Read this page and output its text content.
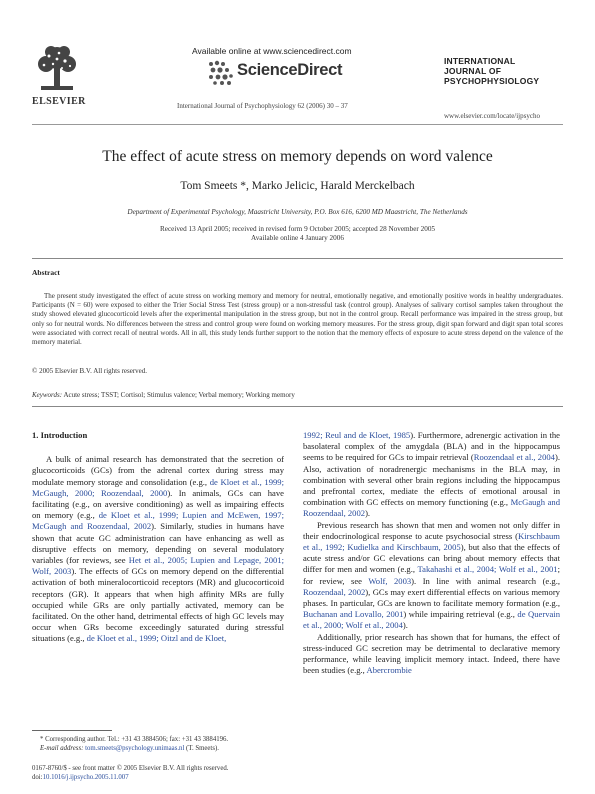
ELSEVIER
Available online at www.sciencedirect.com
ScienceDirect
International Journal of Psychophysiology 62 (2006) 30 – 37
INTERNATIONAL
JOURNAL OF
PSYCHOPHYSIOLOGY
www.elsevier.com/locate/ijpsycho
The effect of acute stress on memory depends on word valence
Tom Smeets *, Marko Jelicic, Harald Merckelbach
Department of Experimental Psychology, Maastricht University, P.O. Box 616, 6200 MD Maastricht, The Netherlands
Received 13 April 2005; received in revised form 9 October 2005; accepted 28 November 2005
Available online 4 January 2006
Abstract
The present study investigated the effect of acute stress on working memory and memory for neutral, emotionally negative, and emotionally positive words in healthy undergraduates. Participants (N = 60) were exposed to either the Trier Social Stress Test (stress group) or a non-stressful task (control group). Analyses of salivary cortisol samples taken throughout the study showed elevated glucocorticoid levels after the experimental manipulation in the stress group, but not in the control group. Recall performance was impaired in the stress group, but only so for neutral words. No differences between the stress and control group were found on working memory measures. For the stress group, digit span forward and digit span total scores were associated with correct recall of neutral words. All in all, this study lends further support to the notion that the memory effects of exposure to acute stress depend on the valence of the memory material.
© 2005 Elsevier B.V. All rights reserved.
Keywords: Acute stress; TSST; Cortisol; Stimulus valence; Verbal memory; Working memory
1. Introduction

A bulk of animal research has demonstrated that the secretion of glucocorticoids (GCs) from the adrenal cortex during stress may modulate memory storage and consolidation (e.g., de Kloet et al., 1999; McGaugh, 2000; Roozendaal, 2000). In animals, GCs can have facilitating (e.g., on aversive conditioning) as well as impairing effects on memory (e.g., de Kloet et al., 1999; Lupien and McEwen, 1997; McGaugh and Roozendaal, 2002). Similarly, studies in humans have shown that acute GC administration can have enhancing as well as disruptive effects on memory, depending on several modulatory variables (for reviews, see Het et al., 2005; Lupien and Lepage, 2001; Wolf, 2003). The effects of GCs on memory depend on the differential activation of both mineralocorticoid receptors (MR) and glucocorticoid receptors (GR). It appears that when high affinity MRs are fully occupied while GRs are only partially activated, memory can be facilitated. On the other hand, detrimental effects of high GC levels may occur when GRs become exceedingly saturated during stressful situations (e.g., de Kloet et al., 1999; Oitzl and de Kloet,

1992; Reul and de Kloet, 1985). Furthermore, adrenergic activation in the basolateral complex of the amygdala (BLA) and in the hippocampus seems to be required for GCs to impair retrieval (Roozendaal et al., 2004). Also, activation of noradrenergic mechanisms in the BLA may, in combination with several other brain regions including the hippocampus and prefrontal cortex, mediate the effects of emotional arousal in combination with GC effects on memory functioning (e.g., McGaugh and Roozendaal, 2002).

Previous research has shown that men and women not only differ in their endocrinological response to acute psychosocial stress (Kirschbaum et al., 1992; Kudielka and Kirschbaum, 2005), but also that the effects of acute stress and/or GC elevations can bring about memory effects that differ for men and women (e.g., Takahashi et al., 2004; Wolf et al., 2001; for review, see Wolf, 2003). In line with animal research (e.g., Roozendaal, 2002), GCs may exert differential effects on various memory phases. In particular, GCs are known to facilitate memory formation (e.g., Buchanan and Lovallo, 2001) while impairing retrieval (e.g., de Quervain et al., 2000; Wolf et al., 2004).

Additionally, prior research has shown that for humans, the effect of stress-induced GC secretion may be detrimental to declarative memory performance, while leaving implicit memory intact. Indeed, there have been studies (e.g., Abercrombie

* Corresponding author. Tel.: +31 43 3884506; fax: +31 43 3884196.
E-mail address: tom.smeets@psychology.unimaas.nl (T. Smeets).
0167-8760/$ - see front matter © 2005 Elsevier B.V. All rights reserved.
doi:10.1016/j.ijpsycho.2005.11.007
